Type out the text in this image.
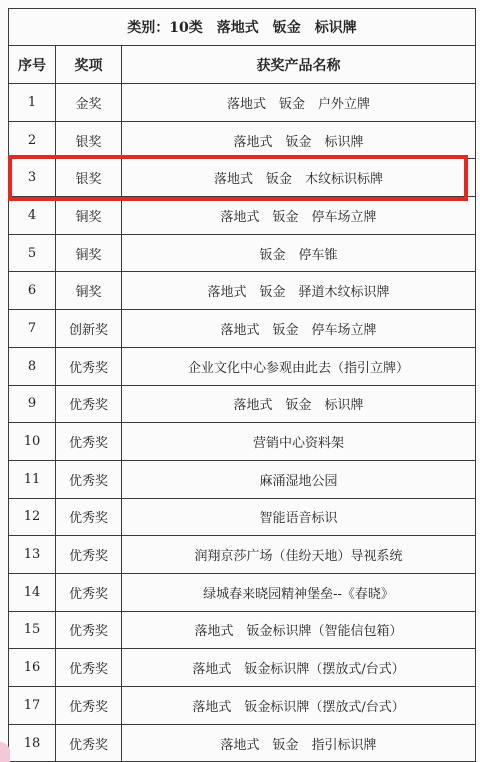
类别：10类　落地式　钣金　标识牌		
序号	奖项	获奖产品名称
1	金奖	落地式　钣金　户外立牌
2	银奖	落地式　钣金　标识牌
3	银奖	落地式　钣金　木纹标识标牌
4	铜奖	落地式　钣金　停车场立牌
5	铜奖	钣金　停车锥
6	铜奖	落地式　钣金　驿道木纹标识牌
7	创新奖	落地式　钣金　停车场立牌
8	优秀奖	企业文化中心参观由此去（指引立牌）
9	优秀奖	落地式　钣金　标识牌
10	优秀奖	营销中心资料架
11	优秀奖	麻涌湿地公园
12	优秀奖	智能语音标识
13	优秀奖	润翔京莎广场（佳纷天地）导视系统
14	优秀奖	绿城春来晓园精神堡垒--《春晓》
15	优秀奖	落地式　钣金标识牌（智能信包箱）
16	优秀奖	落地式　钣金标识牌（摆放式/台式）
17	优秀奖	落地式　钣金标识牌（摆放式/台式）
18	优秀奖	落地式　钣金　指引标识牌
